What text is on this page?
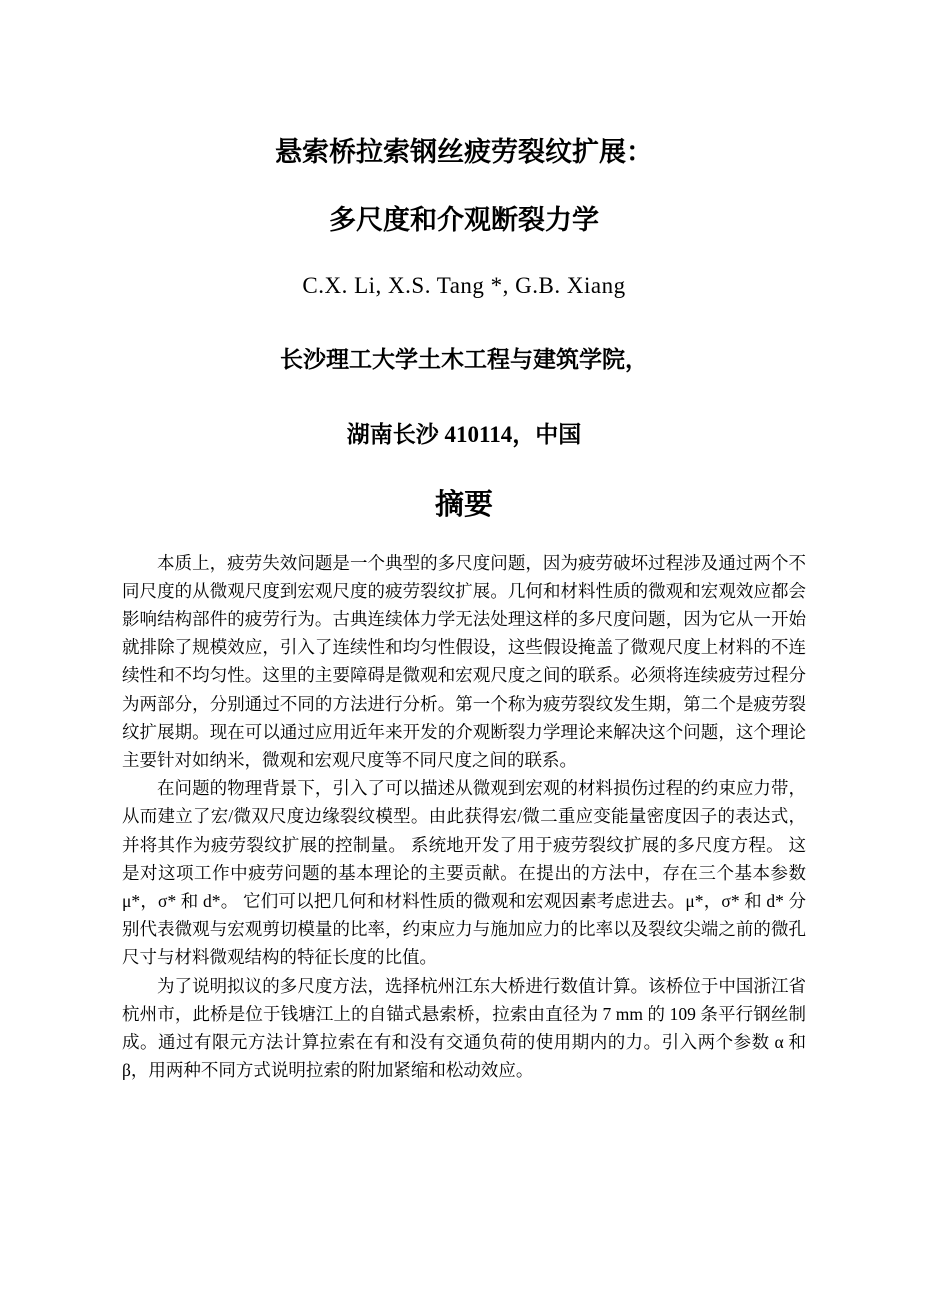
悬索桥拉索钢丝疲劳裂纹扩展：
多尺度和介观断裂力学
C.X. Li, X.S. Tang *, G.B. Xiang
长沙理工大学土木工程与建筑学院，
湖南长沙 410114，中国
摘要

本质上，疲劳失效问题是一个典型的多尺度问题，因为疲劳破坏过程涉及通过两个不同尺度的从微观尺度到宏观尺度的疲劳裂纹扩展。几何和材料性质的微观和宏观效应都会影响结构部件的疲劳行为。古典连续体力学无法处理这样的多尺度问题，因为它从一开始就排除了规模效应，引入了连续性和均匀性假设，这些假设掩盖了微观尺度上材料的不连续性和不均匀性。这里的主要障碍是微观和宏观尺度之间的联系。必须将连续疲劳过程分为两部分，分别通过不同的方法进行分析。第一个称为疲劳裂纹发生期，第二个是疲劳裂纹扩展期。现在可以通过应用近年来开发的介观断裂力学理论来解决这个问题，这个理论主要针对如纳米，微观和宏观尺度等不同尺度之间的联系。

在问题的物理背景下，引入了可以描述从微观到宏观的材料损伤过程的约束应力带，从而建立了宏/微双尺度边缘裂纹模型。由此获得宏/微二重应变能量密度因子的表达式，并将其作为疲劳裂纹扩展的控制量。 系统地开发了用于疲劳裂纹扩展的多尺度方程。 这是对这项工作中疲劳问题的基本理论的主要贡献。在提出的方法中，存在三个基本参数 μ*，σ* 和 d*。 它们可以把几何和材料性质的微观和宏观因素考虑进去。μ*，σ* 和 d* 分别代表微观与宏观剪切模量的比率，约束应力与施加应力的比率以及裂纹尖端之前的微孔尺寸与材料微观结构的特征长度的比值。

为了说明拟议的多尺度方法，选择杭州江东大桥进行数值计算。该桥位于中国浙江省杭州市，此桥是位于钱塘江上的自锚式悬索桥，拉索由直径为 7 mm 的 109 条平行钢丝制成。通过有限元方法计算拉索在有和没有交通负荷的使用期内的力。引入两个参数 α 和 β，用两种不同方式说明拉索的附加紧缩和松动效应。
